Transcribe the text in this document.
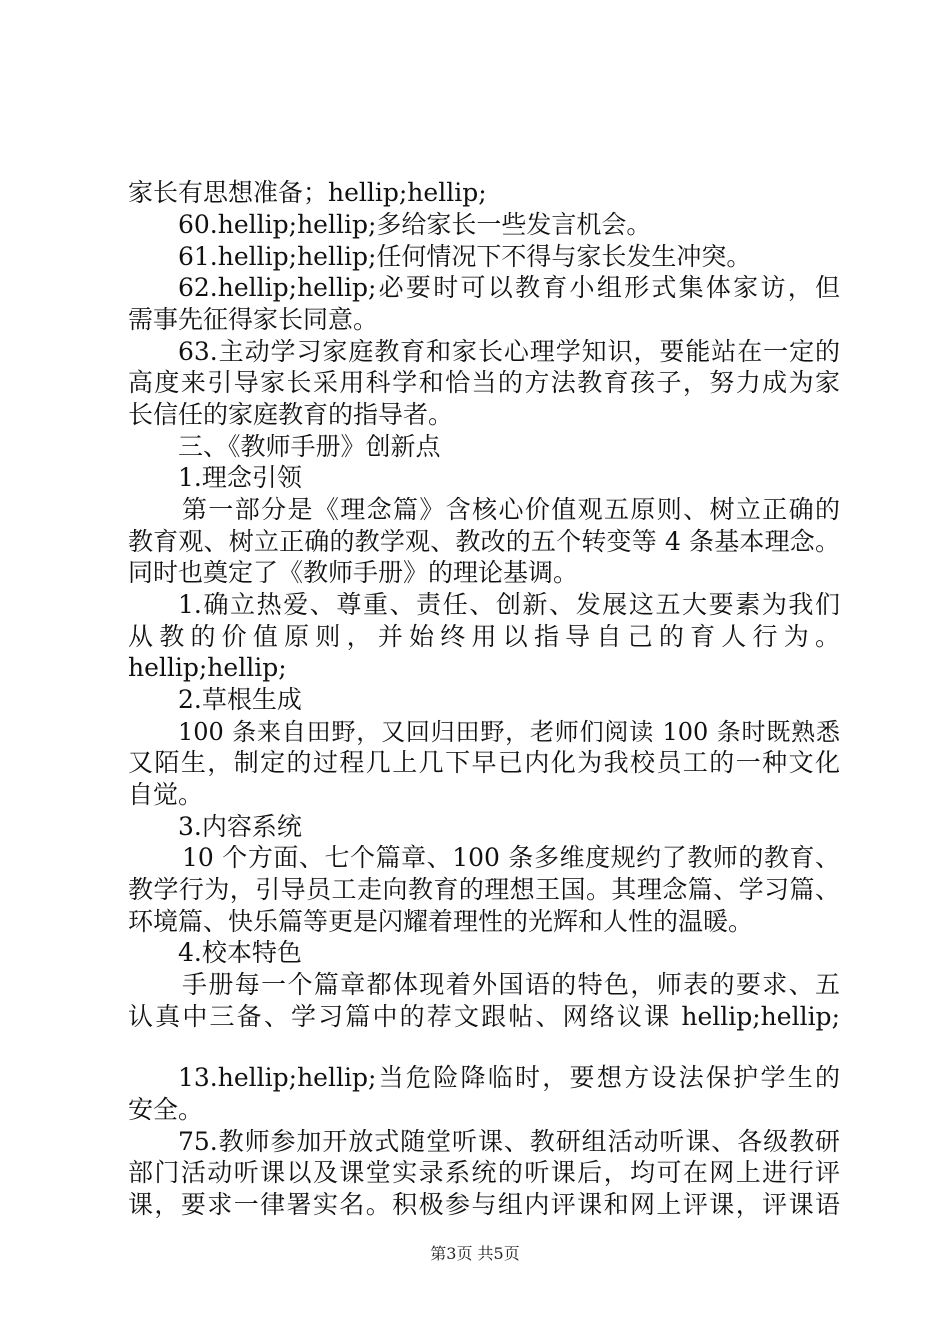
家长有思想准备；hellip;hellip;
60.hellip;hellip;多给家长一些发言机会。
61.hellip;hellip;任何情况下不得与家长发生冲突。
62.hellip;hellip;必要时可以教育小组形式集体家访，但
需事先征得家长同意。
63.主动学习家庭教育和家长心理学知识，要能站在一定的
高度来引导家长采用科学和恰当的方法教育孩子，努力成为家
长信任的家庭教育的指导者。
三、《教师手册》创新点
1.理念引领
第一部分是《理念篇》含核心价值观五原则、树立正确的
教育观、树立正确的教学观、教改的五个转变等 4 条基本理念。
同时也奠定了《教师手册》的理论基调。
1.确立热爱、尊重、责任、创新、发展这五大要素为我们
从教的价值原则，并始终用以指导自己的育人行为。
hellip;hellip;
2.草根生成
100 条来自田野，又回归田野，老师们阅读 100 条时既熟悉
又陌生，制定的过程几上几下早已内化为我校员工的一种文化
自觉。
3.内容系统
10 个方面、七个篇章、100 条多维度规约了教师的教育、
教学行为，引导员工走向教育的理想王国。其理念篇、学习篇、
环境篇、快乐篇等更是闪耀着理性的光辉和人性的温暖。
4.校本特色
手册每一个篇章都体现着外国语的特色，师表的要求、五
认真中三备、学习篇中的荐文跟帖、网络议课 hellip;hellip;
13.hellip;hellip;当危险降临时，要想方设法保护学生的
安全。
75.教师参加开放式随堂听课、教研组活动听课、各级教研
部门活动听课以及课堂实录系统的听课后，均可在网上进行评
课，要求一律署实名。积极参与组内评课和网上评课，评课语
第3页 共5页
